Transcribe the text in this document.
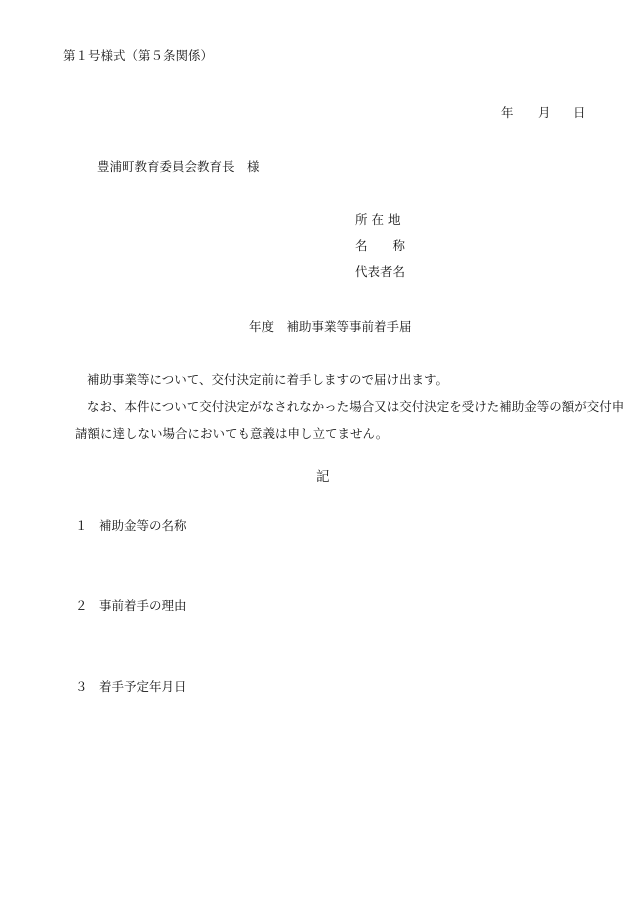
第１号様式（第５条関係）
年 月 日
豊浦町教育委員会教育長　様
所 在 地
名　　称
代表者名
年度　補助事業等事前着手届
補助事業等について、交付決定前に着手しますので届け出ます。
なお、本件について交付決定がなされなかった場合又は交付決定を受けた補助金等の額が交付申
請額に達しない場合においても意義は申し立てません。
記
１ 補助金等の名称
２ 事前着手の理由
３ 着手予定年月日
